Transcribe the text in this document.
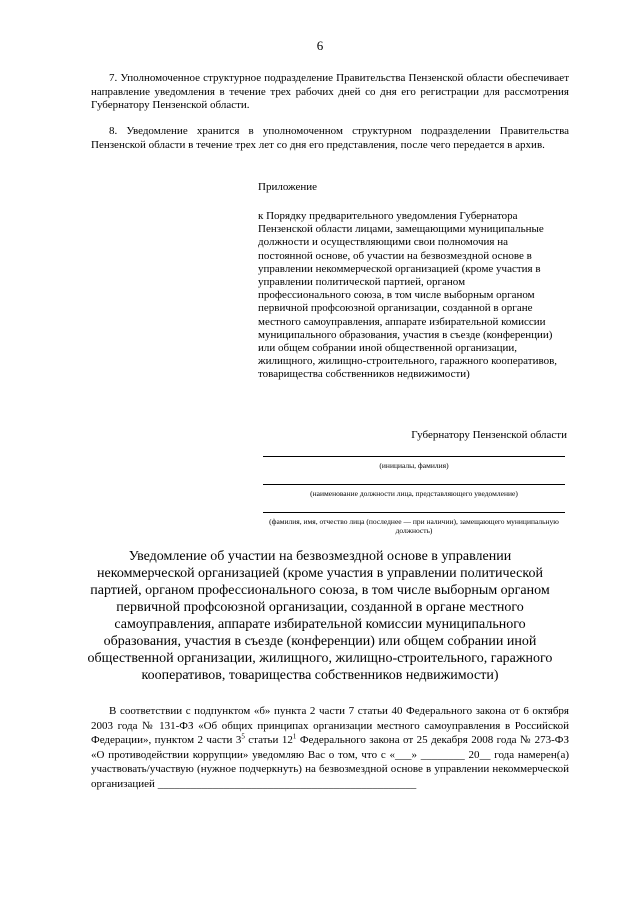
6

7. Уполномоченное структурное подразделение Правительства Пензенской области обеспечивает направление уведомления в течение трех рабочих дней со дня его регистрации для рассмотрения Губернатору Пензенской области.

8. Уведомление хранится в уполномоченном структурном подразделении Правительства Пензенской области в течение трех лет со дня его представления, после чего передается в архив.

Приложение
к Порядку предварительного уведомления Губернатора Пензенской области лицами, замещающими муниципальные должности и осуществляющими свои полномочия на постоянной основе, об участии на безвозмездной основе в управлении некоммерческой организацией (кроме участия в управлении политической партией, органом профессионального союза, в том числе выборным органом первичной профсоюзной организации, созданной в органе местного самоуправления, аппарате избирательной комиссии муниципального образования, участия в съезде (конференции) или общем собрании иной общественной организации, жилищного, жилищно-строительного, гаражного кооперативов, товарищества собственников недвижимости)
Губернатору Пензенской области
(инициалы, фамилия)
(наименование должности лица, представляющего уведомление)
(фамилия, имя, отчество лица (последнее — при наличии), замещающего муниципальную должность)
Уведомление об участии на безвозмездной основе в управлении некоммерческой организацией (кроме участия в управлении политической партией, органом профессионального союза, в том числе выборным органом первичной профсоюзной организации, созданной в органе местного самоуправления, аппарате избирательной комиссии муниципального образования, участия в съезде (конференции) или общем собрании иной общественной организации, жилищного, жилищно-строительного, гаражного кооперативов, товарищества собственников недвижимости)

В соответствии с подпунктом «б» пункта 2 части 7 статьи 40 Федерального закона от 6 октября 2003 года № 131-ФЗ «Об общих принципах организации местного самоуправления в Российской Федерации», пунктом 2 части $3^5$ статьи $12^1$ Федерального закона от 25 декабря 2008 года № 273-ФЗ «О противодействии коррупции» уведомляю Вас о том, что с «___» ________ 20__ года намерен(а) участвовать/участвую (нужное подчеркнуть) на безвозмездной основе в управлении некоммерческой организацией _______________________________________________
